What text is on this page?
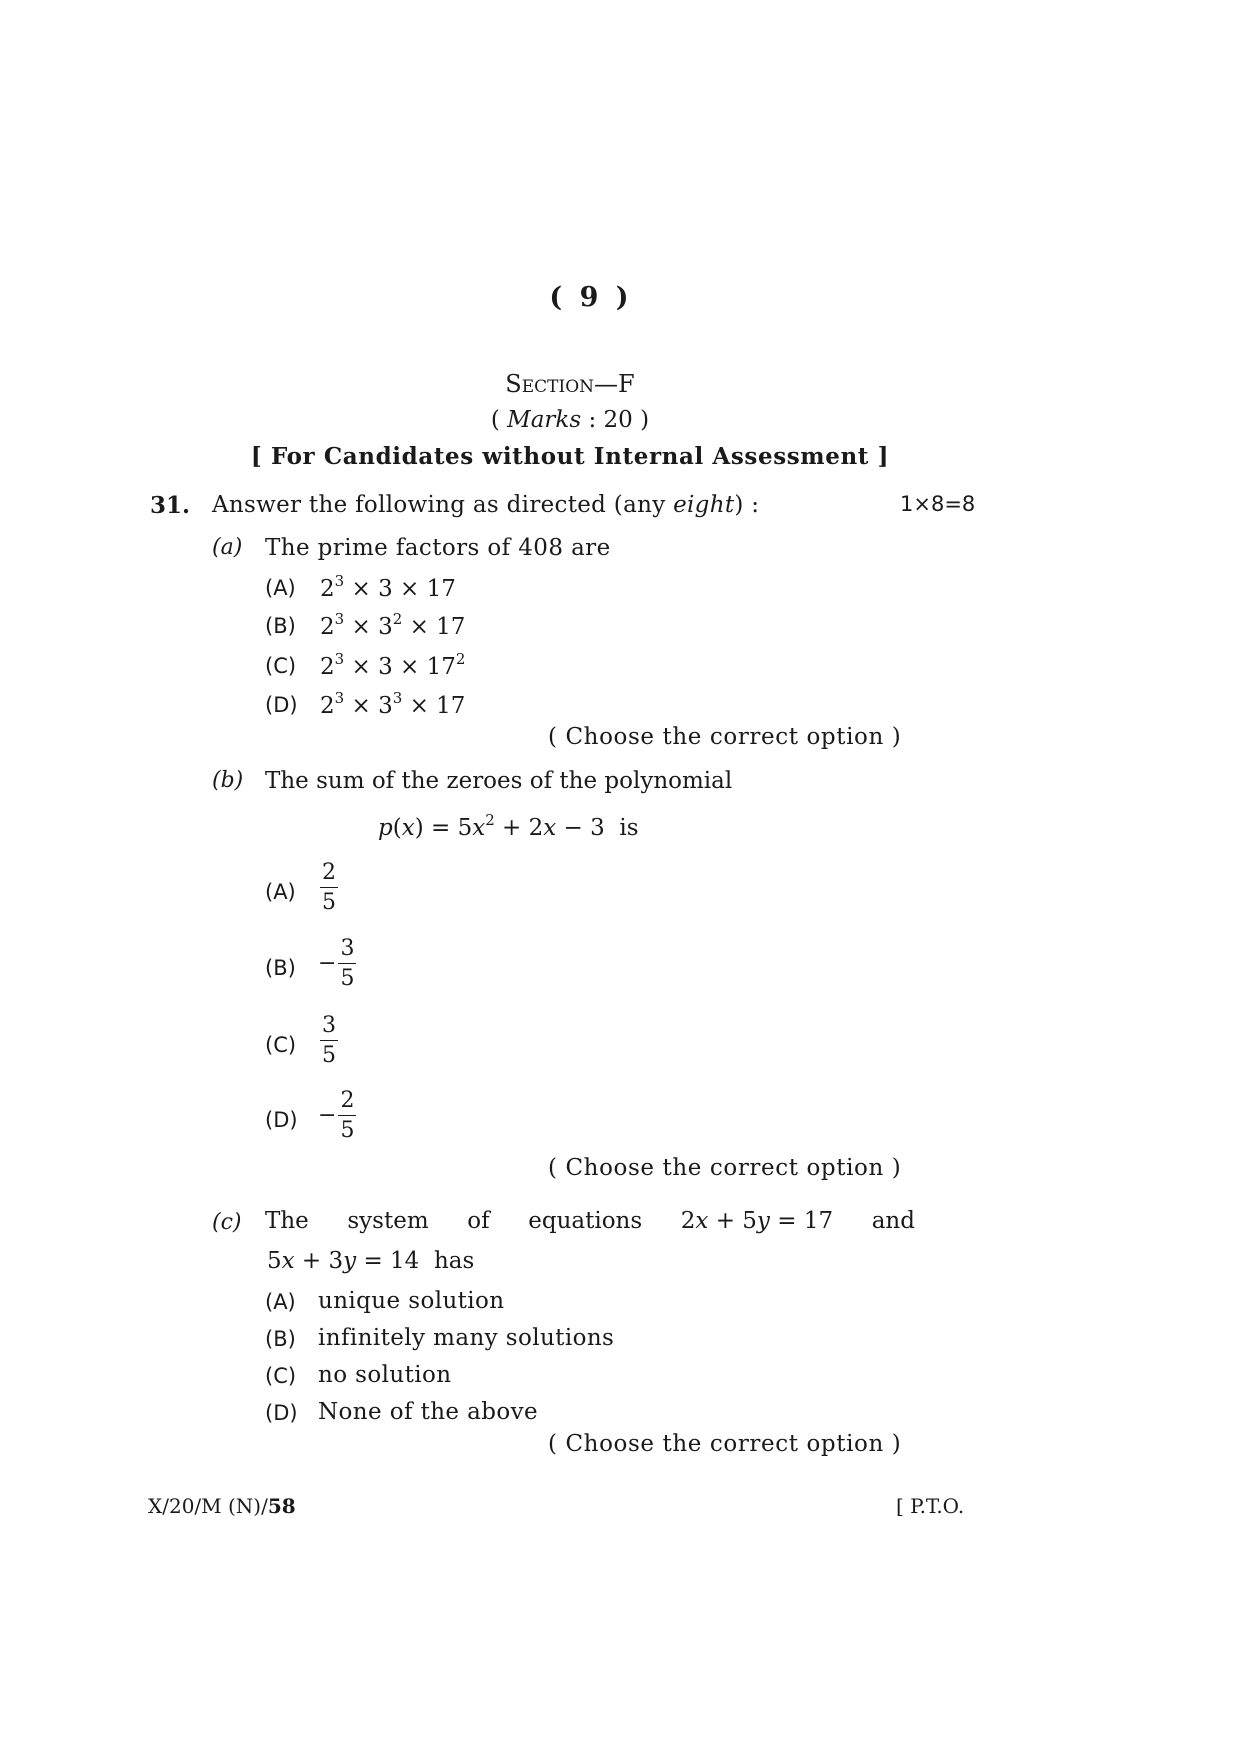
( 9 )
Section—F
( Marks : 20 )
[ For Candidates without Internal Assessment ]
31. Answer the following as directed (any eight) :	1×8=8
(a) The prime factors of 408 are
(A) $2^3 \times 3 \times 17$
(B) $2^3 \times 3^2 \times 17$
(C) $2^3 \times 3 \times 17^2$
(D) $2^3 \times 3^3 \times 17$
( Choose the correct option )
(b) The sum of the zeroes of the polynomial
$p(x) = 5x^2 + 2x - 3$  is
$(A) \frac{2}{5}$
$(B) - \frac{3}{5}$
$(C) \frac{3}{5}$
$(D) - \frac{2}{5}$
( Choose the correct option )
(c) The system of equations 2x + 5y = 17 and
5x + 3y = 14 has
(A) unique solution
(B) infinitely many solutions
(C) no solution
(D) None of the above
( Choose the correct option )
X/20/M (N)/58	[ P.T.O.
